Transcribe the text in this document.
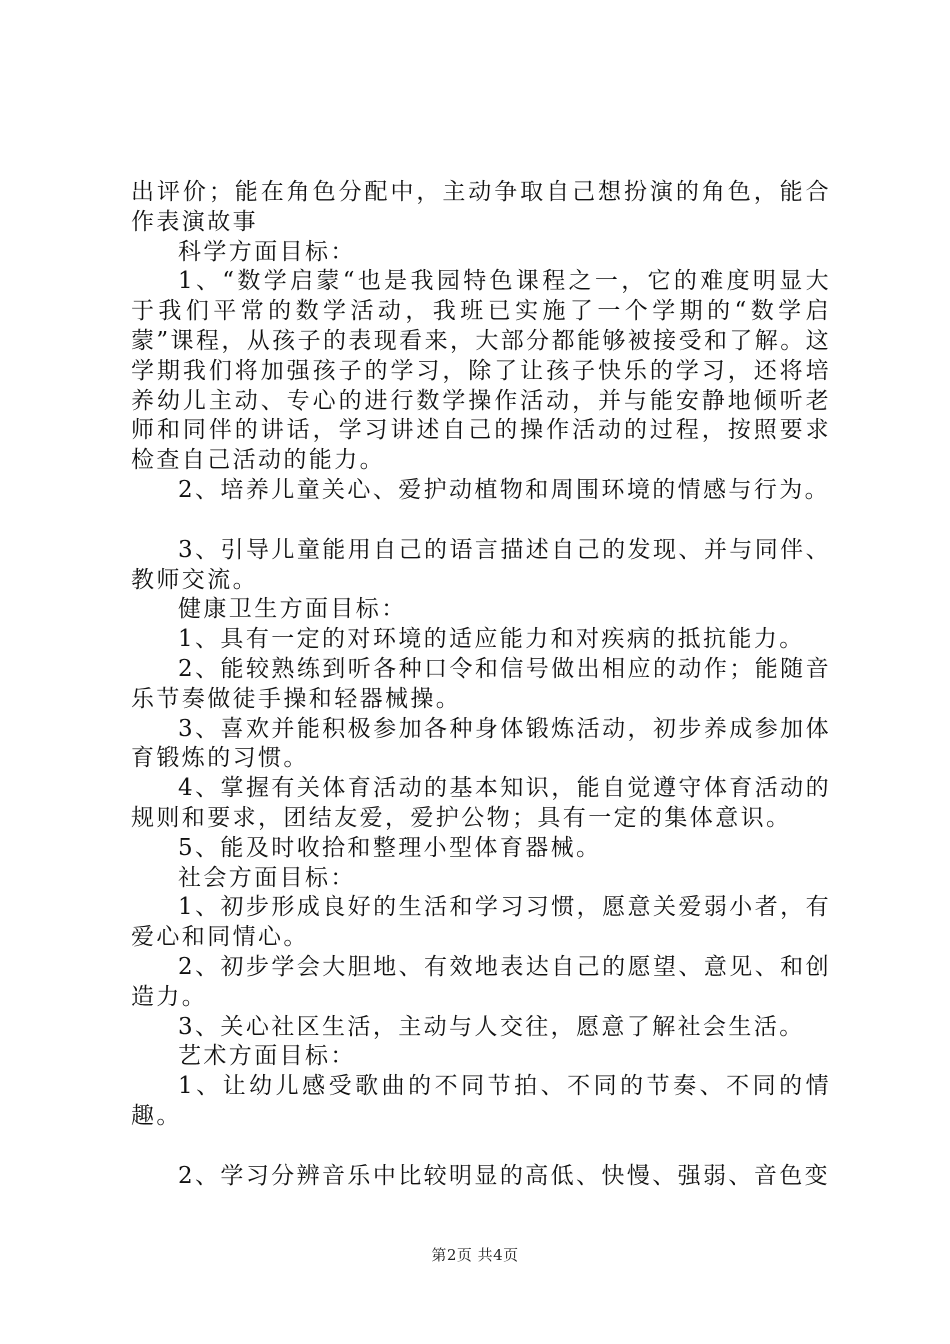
出评价；能在角色分配中，主动争取自己想扮演的角色，能合作表演故事

科学方面目标：

1、“数学启蒙“也是我园特色课程之一，它的难度明显大于我们平常的数学活动，我班已实施了一个学期的“数学启蒙”课程，从孩子的表现看来，大部分都能够被接受和了解。这学期我们将加强孩子的学习，除了让孩子快乐的学习，还将培养幼儿主动、专心的进行数学操作活动，并与能安静地倾听老师和同伴的讲话，学习讲述自己的操作活动的过程，按照要求检查自己活动的能力。

2、培养儿童关心、爱护动植物和周围环境的情感与行为。

3、引导儿童能用自己的语言描述自己的发现、并与同伴、教师交流。

健康卫生方面目标：

1、具有一定的对环境的适应能力和对疾病的抵抗能力。

2、能较熟练到听各种口令和信号做出相应的动作；能随音乐节奏做徒手操和轻器械操。

3、喜欢并能积极参加各种身体锻炼活动，初步养成参加体育锻炼的习惯。

4、掌握有关体育活动的基本知识，能自觉遵守体育活动的规则和要求，团结友爱，爱护公物；具有一定的集体意识。

5、能及时收拾和整理小型体育器械。

社会方面目标：

1、初步形成良好的生活和学习习惯，愿意关爱弱小者，有爱心和同情心。

2、初步学会大胆地、有效地表达自己的愿望、意见、和创造力。

3、关心社区生活，主动与人交往，愿意了解社会生活。

艺术方面目标：

1、让幼儿感受歌曲的不同节拍、不同的节奏、不同的情趣。

2、学习分辨音乐中比较明显的高低、快慢、强弱、音色变

第2页 共4页
